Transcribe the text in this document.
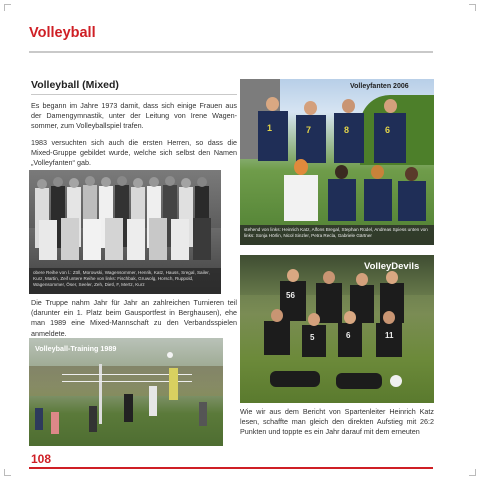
Volleyball
Volleyball (Mixed)
Es begann im Jahre 1973 damit, dass sich einige Frauen aus der Damengymnastik, unter der Leitung von Irene Wagensommer, zum Volleyballspiel trafen.
1983 versuchten sich auch die ersten Herren, so dass die Mixed-Gruppe gebildet wurde, welche sich selbst den Namen „Volleyfanten“ gab.
obere Reihe von l.: Zöll, Morowski, Wagensommer, Henrik, Katz, Hauss, Sregal, Sailer, Kurz, Martin, Zeif untere Reihe von links: Fischbak, Gruwolg, Horsch, Ruppold, Wagensommer, Öser, Seeler, Zeh, Dietl, F, Mertz, Kurz
Die Truppe nahm Jahr für Jahr an zahlreichen Turnieren teil (darunter ein 1. Platz beim Gausportfest in Berghausen), ehe man 1989 eine Mixed-Mannschaft zu den Verbandsspielen anmeldete.
Volleyball-Training 1989
1	7	8	6
Volleyfanten 2006
stehend von links: Heinrich Katz, Alfons Bregal, Stephan Rüdel, Andreas Spiess unten von links: Sonja Hörlin, Nicol Sinzler, Petra Recla, Gabriele Gärtner
56
5	6	11
VolleyDevils
Wie wir aus dem Bericht von Spartenleiter Heinrich Katz lesen, schaffte man gleich den direkten Aufstieg mit 26:2 Punkten und toppte es ein Jahr darauf mit dem erneuten
108
